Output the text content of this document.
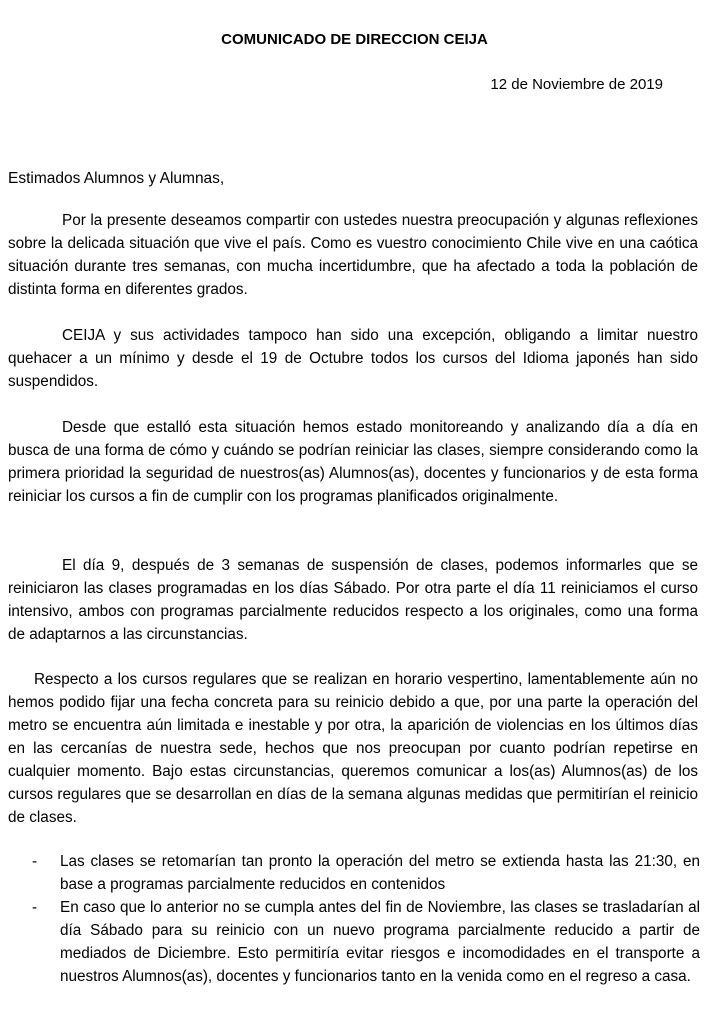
COMUNICADO DE DIRECCION CEIJA
12 de Noviembre de 2019
Estimados Alumnos y Alumnas,

Por la presente deseamos compartir con ustedes nuestra preocupación y algunas reflexiones sobre la delicada situación que vive el país. Como es vuestro conocimiento Chile vive en una caótica situación durante tres semanas, con mucha incertidumbre, que ha afectado a toda la población de distinta forma en diferentes grados.

CEIJA y sus actividades tampoco han sido una excepción, obligando a limitar nuestro quehacer a un mínimo y desde el 19 de Octubre todos los cursos del Idioma japonés han sido suspendidos.

Desde que estalló esta situación hemos estado monitoreando y analizando día a día en busca de una forma de cómo y cuándo se podrían reiniciar las clases, siempre considerando como la primera prioridad la seguridad de nuestros(as) Alumnos(as), docentes y funcionarios y de esta forma reiniciar los cursos a fin de cumplir con los programas planificados originalmente.

El día 9, después de 3 semanas de suspensión de clases, podemos informarles que se reiniciaron las clases programadas en los días Sábado. Por otra parte el día 11 reiniciamos el curso intensivo, ambos con programas parcialmente reducidos respecto a los originales, como una forma de adaptarnos a las circunstancias.

Respecto a los cursos regulares que se realizan en horario vespertino, lamentablemente aún no hemos podido fijar una fecha concreta para su reinicio debido a que, por una parte la operación del metro se encuentra aún limitada e inestable y por otra, la aparición de violencias en los últimos días en las cercanías de nuestra sede, hechos que nos preocupan por cuanto podrían repetirse en cualquier momento. Bajo estas circunstancias, queremos comunicar a los(as) Alumnos(as) de los cursos regulares que se desarrollan en días de la semana algunas medidas que permitirían el reinicio de clases.

- Las clases se retomarían tan pronto la operación del metro se extienda hasta las 21:30, en base a programas parcialmente reducidos en contenidos
- En caso que lo anterior no se cumpla antes del fin de Noviembre, las clases se trasladarían al día Sábado para su reinicio con un nuevo programa parcialmente reducido a partir de mediados de Diciembre. Esto permitiría evitar riesgos e incomodidades en el transporte a nuestros Alumnos(as), docentes y funcionarios tanto en la venida como en el regreso a casa.
